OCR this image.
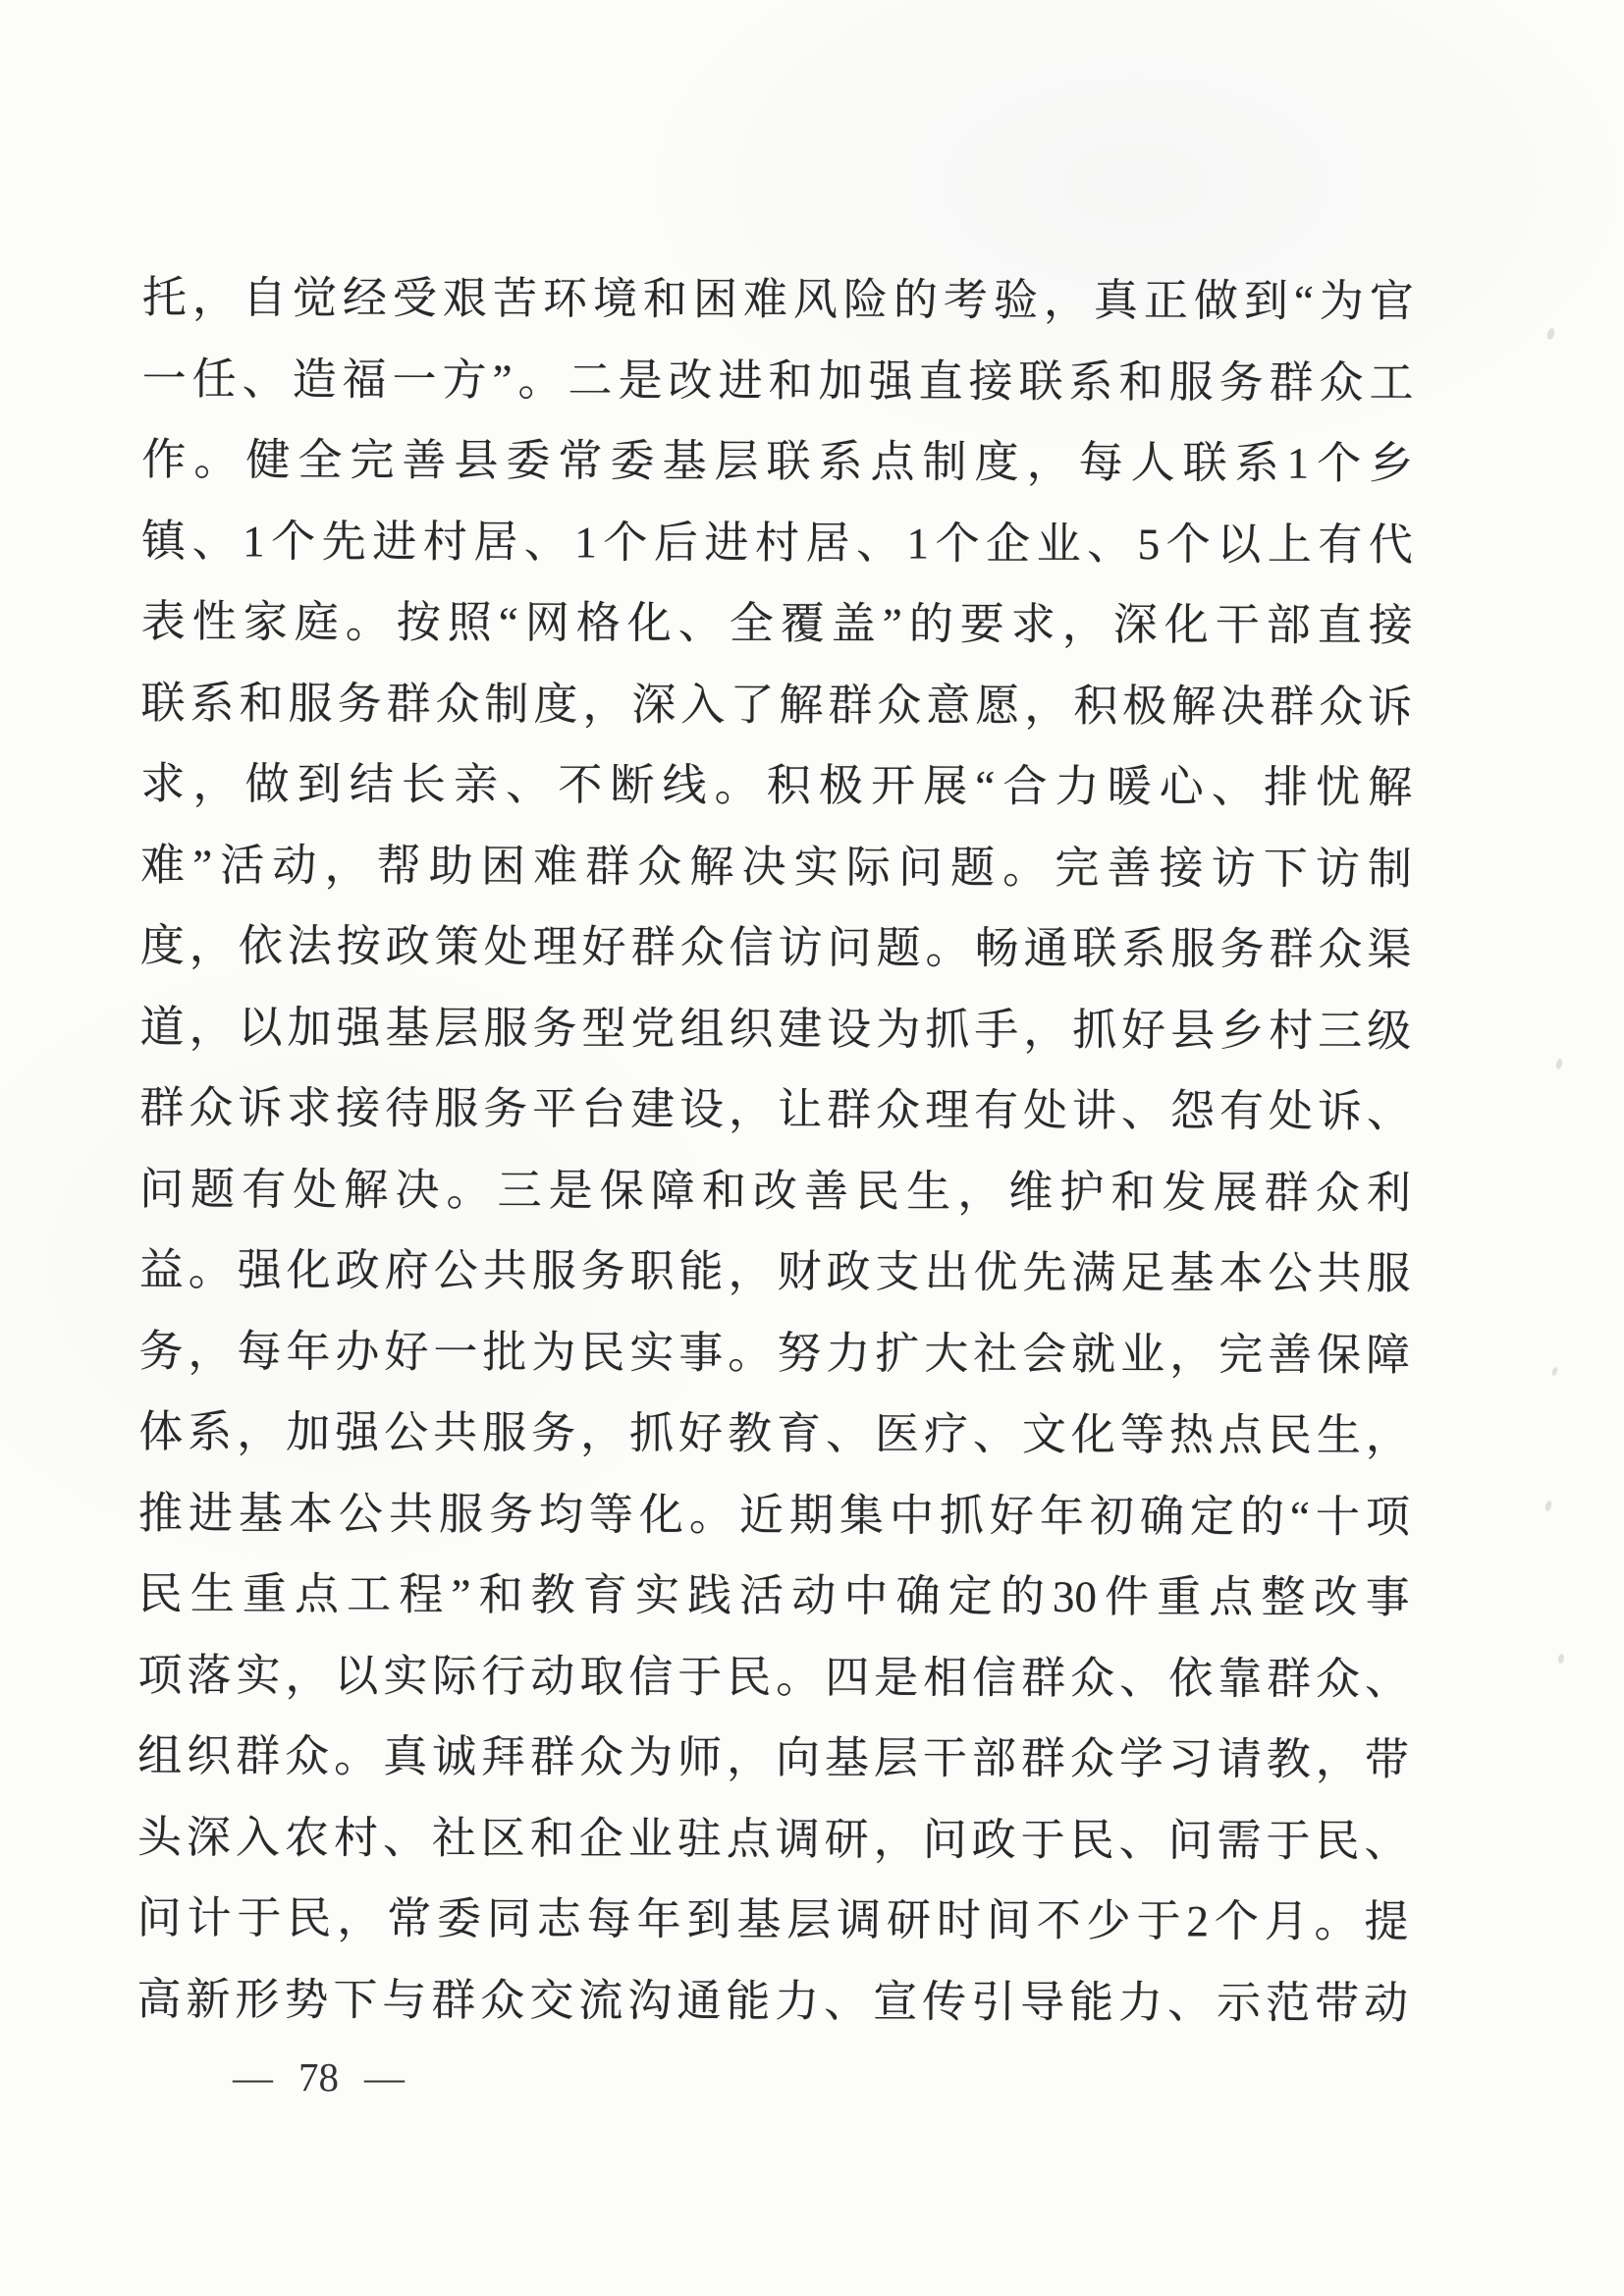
托 ， 自 觉 经 受 艰 苦 环 境 和 困 难 风 险 的 考 验 ， 真 正 做 到 “ 为 官
一 任 、 造 福 一 方 ” 。 二 是 改 进 和 加 强 直 接 联 系 和 服 务 群 众 工
作 。 健 全 完 善 县 委 常 委 基 层 联 系 点 制 度 ， 每 人 联 系 1 个 乡
镇 、 1 个 先 进 村 居 、 1 个 后 进 村 居 、 1 个 企 业 、 5 个 以 上 有 代
表 性 家 庭 。 按 照 “ 网 格 化 、 全 覆 盖 ” 的 要 求 ， 深 化 干 部 直 接
联 系 和 服 务 群 众 制 度 ， 深 入 了 解 群 众 意 愿 ， 积 极 解 决 群 众 诉
求 ， 做 到 结 长 亲 、 不 断 线 。 积 极 开 展 “ 合 力 暖 心 、 排 忧 解
难 ” 活 动 ， 帮 助 困 难 群 众 解 决 实 际 问 题 。 完 善 接 访 下 访 制
度 ， 依 法 按 政 策 处 理 好 群 众 信 访 问 题 。 畅 通 联 系 服 务 群 众 渠
道 ， 以 加 强 基 层 服 务 型 党 组 织 建 设 为 抓 手 ， 抓 好 县 乡 村 三 级
群 众 诉 求 接 待 服 务 平 台 建 设 ， 让 群 众 理 有 处 讲 、 怨 有 处 诉 、
问 题 有 处 解 决 。 三 是 保 障 和 改 善 民 生 ， 维 护 和 发 展 群 众 利
益 。 强 化 政 府 公 共 服 务 职 能 ， 财 政 支 出 优 先 满 足 基 本 公 共 服
务 ， 每 年 办 好 一 批 为 民 实 事 。 努 力 扩 大 社 会 就 业 ， 完 善 保 障
体 系 ， 加 强 公 共 服 务 ， 抓 好 教 育 、 医 疗 、 文 化 等 热 点 民 生 ，
推 进 基 本 公 共 服 务 均 等 化 。 近 期 集 中 抓 好 年 初 确 定 的 “ 十 项
民 生 重 点 工 程 ” 和 教 育 实 践 活 动 中 确 定 的 30 件 重 点 整 改 事
项 落 实 ， 以 实 际 行 动 取 信 于 民 。 四 是 相 信 群 众 、 依 靠 群 众 、
组 织 群 众 。 真 诚 拜 群 众 为 师 ， 向 基 层 干 部 群 众 学 习 请 教 ， 带
头 深 入 农 村 、 社 区 和 企 业 驻 点 调 研 ， 问 政 于 民 、 问 需 于 民 、
问 计 于 民 ， 常 委 同 志 每 年 到 基 层 调 研 时 间 不 少 于 2 个 月 。 提
高 新 形 势 下 与 群 众 交 流 沟 通 能 力 、 宣 传 引 导 能 力 、 示 范 带 动
— 78 —
